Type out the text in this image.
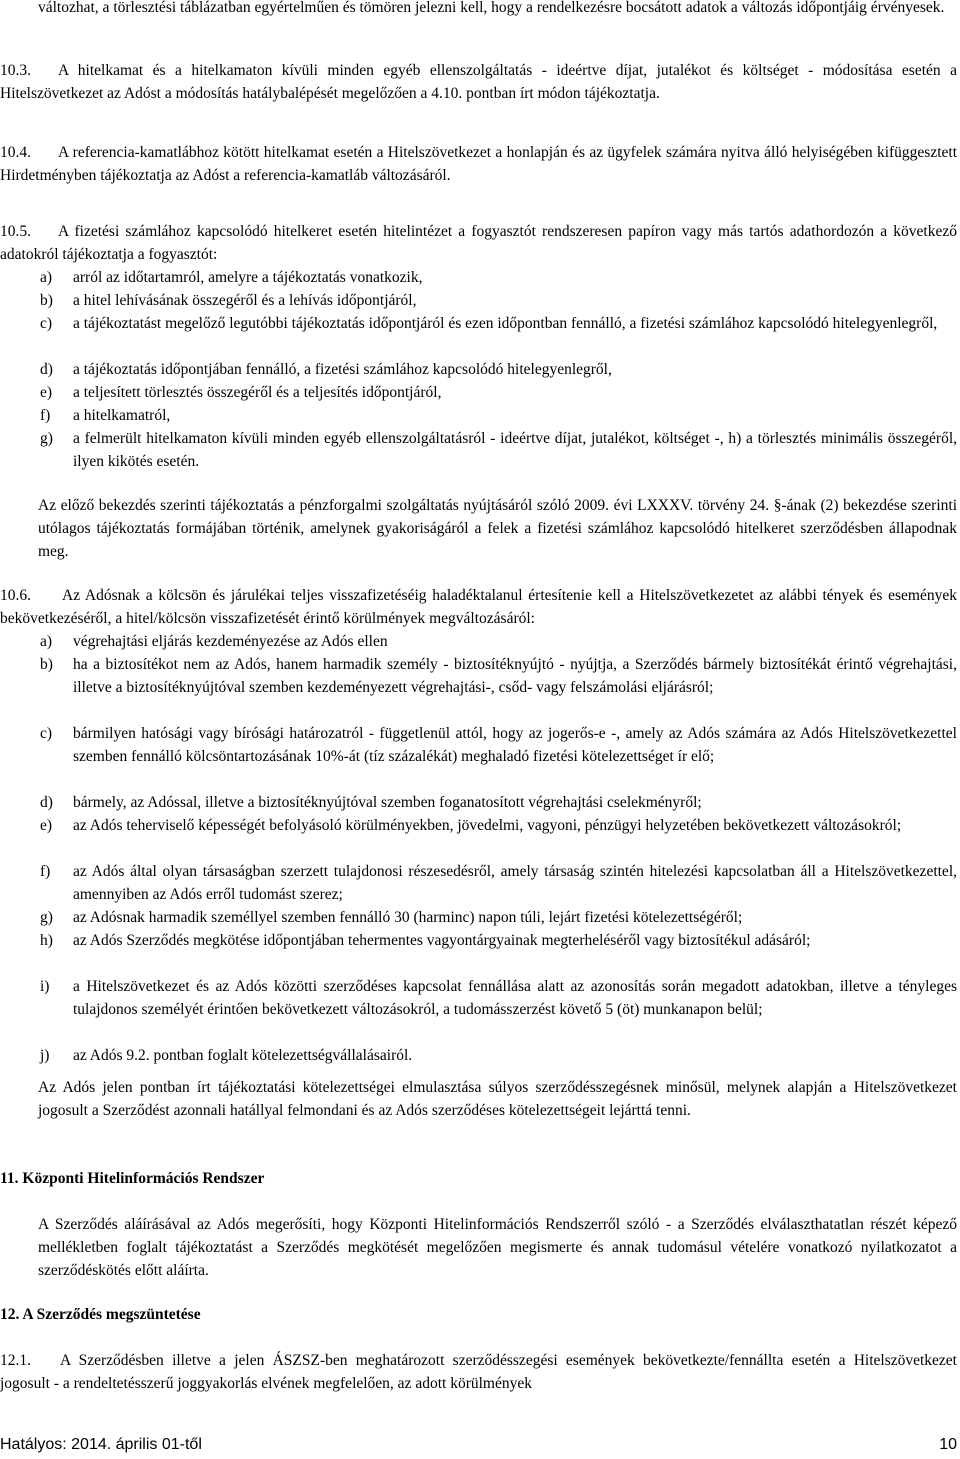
változhat, a törlesztési táblázatban egyértelműen és tömören jelezni kell, hogy a rendelkezésre bocsátott adatok a változás időpontjáig érvényesek.

10.3.	A hitelkamat és a hitelkamaton kívüli minden egyéb ellenszolgáltatás - ideértve díjat, jutalékot és költséget - módosítása esetén a Hitelszövetkezet az Adóst a módosítás hatálybalépését megelőzően a 4.10. pontban írt módon tájékoztatja.

10.4.	A referencia-kamatlábhoz kötött hitelkamat esetén a Hitelszövetkezet a honlapján és az ügyfelek számára nyitva álló helyiségében kifüggesztett Hirdetményben tájékoztatja az Adóst a referencia-kamatláb változásáról.

10.5.	A fizetési számlához kapcsolódó hitelkeret esetén hitelintézet a fogyasztót rendszeresen papíron vagy más tartós adathordozón a következő adatokról tájékoztatja a fogyasztót:

a) arról az időtartamról, amelyre a tájékoztatás vonatkozik,

b) a hitel lehívásának összegéről és a lehívás időpontjáról,

c) a tájékoztatást megelőző legutóbbi tájékoztatás időpontjáról és ezen időpontban fennálló, a fizetési számlához kapcsolódó hitelegyenlegről,

d) a tájékoztatás időpontjában fennálló, a fizetési számlához kapcsolódó hitelegyenlegről,

e) a teljesített törlesztés összegéről és a teljesítés időpontjáról,

f) a hitelkamatról,

g) a felmerült hitelkamaton kívüli minden egyéb ellenszolgáltatásról - ideértve díjat, jutalékot, költséget -, h) a törlesztés minimális összegéről, ilyen kikötés esetén.

Az előző bekezdés szerinti tájékoztatás a pénzforgalmi szolgáltatás nyújtásáról szóló 2009. évi LXXXV. törvény 24. §-ának (2) bekezdése szerinti utólagos tájékoztatás formájában történik, amelynek gyakoriságáról a felek a fizetési számlához kapcsolódó hitelkeret szerződésben állapodnak meg.

10.6.	Az Adósnak a kölcsön és járulékai teljes visszafizetéséig haladéktalanul értesítenie kell a Hitelszövetkezetet az alábbi tények és események bekövetkezéséről, a hitel/kölcsön visszafizetését érintő körülmények megváltozásáról:

a) végrehajtási eljárás kezdeményezése az Adós ellen

b) ha a biztosítékot nem az Adós, hanem harmadik személy - biztosítéknyújtó - nyújtja, a Szerződés bármely biztosítékát érintő végrehajtási, illetve a biztosítéknyújtóval szemben kezdeményezett végrehajtási-, csőd- vagy felszámolási eljárásról;

c) bármilyen hatósági vagy bírósági határozatról - függetlenül attól, hogy az jogerős-e -, amely az Adós számára az Adós Hitelszövetkezettel szemben fennálló kölcsöntartozásának 10%-át (tíz százalékát) meghaladó fizetési kötelezettséget ír elő;

d) bármely, az Adóssal, illetve a biztosítéknyújtóval szemben foganatosított végrehajtási cselekményről;

e) az Adós teherviselő képességét befolyásoló körülményekben, jövedelmi, vagyoni, pénzügyi helyzetében bekövetkezett változásokról;

f) az Adós által olyan társaságban szerzett tulajdonosi részesedésről, amely társaság szintén hitelezési kapcsolatban áll a Hitelszövetkezettel, amennyiben az Adós erről tudomást szerez;

g) az Adósnak harmadik személlyel szemben fennálló 30 (harminc) napon túli, lejárt fizetési kötelezettségéről;

h) az Adós Szerződés megkötése időpontjában tehermentes vagyontárgyainak megterheléséről vagy biztosítékul adásáról;

i) a Hitelszövetkezet és az Adós közötti szerződéses kapcsolat fennállása alatt az azonosítás során megadott adatokban, illetve a tényleges tulajdonos személyét érintően bekövetkezett változásokról, a tudomásszerzést követő 5 (öt) munkanapon belül;

j) az Adós 9.2. pontban foglalt kötelezettségvállalásairól.

Az Adós jelen pontban írt tájékoztatási kötelezettségei elmulasztása súlyos szerződésszegésnek minősül, melynek alapján a Hitelszövetkezet jogosult a Szerződést azonnali hatállyal felmondani és az Adós szerződéses kötelezettségeit lejárttá tenni.

11. Központi Hitelinformációs Rendszer

A Szerződés aláírásával az Adós megerősíti, hogy Központi Hitelinformációs Rendszerről szóló - a Szerződés elválaszthatatlan részét képező mellékletben foglalt tájékoztatást a Szerződés megkötését megelőzően megismerte és annak tudomásul vételére vonatkozó nyilatkozatot a szerződéskötés előtt aláírta.

12. A Szerződés megszüntetése
12.1.	A Szerződésben illetve a jelen ÁSZSZ-ben meghatározott szerződésszegési események bekövetkezte/fennállta esetén a Hitelszövetkezet jogosult - a rendeltetésszerű joggyakorlás elvének megfelelően, az adott körülmények

Hatályos: 2014. április 01-től	10
